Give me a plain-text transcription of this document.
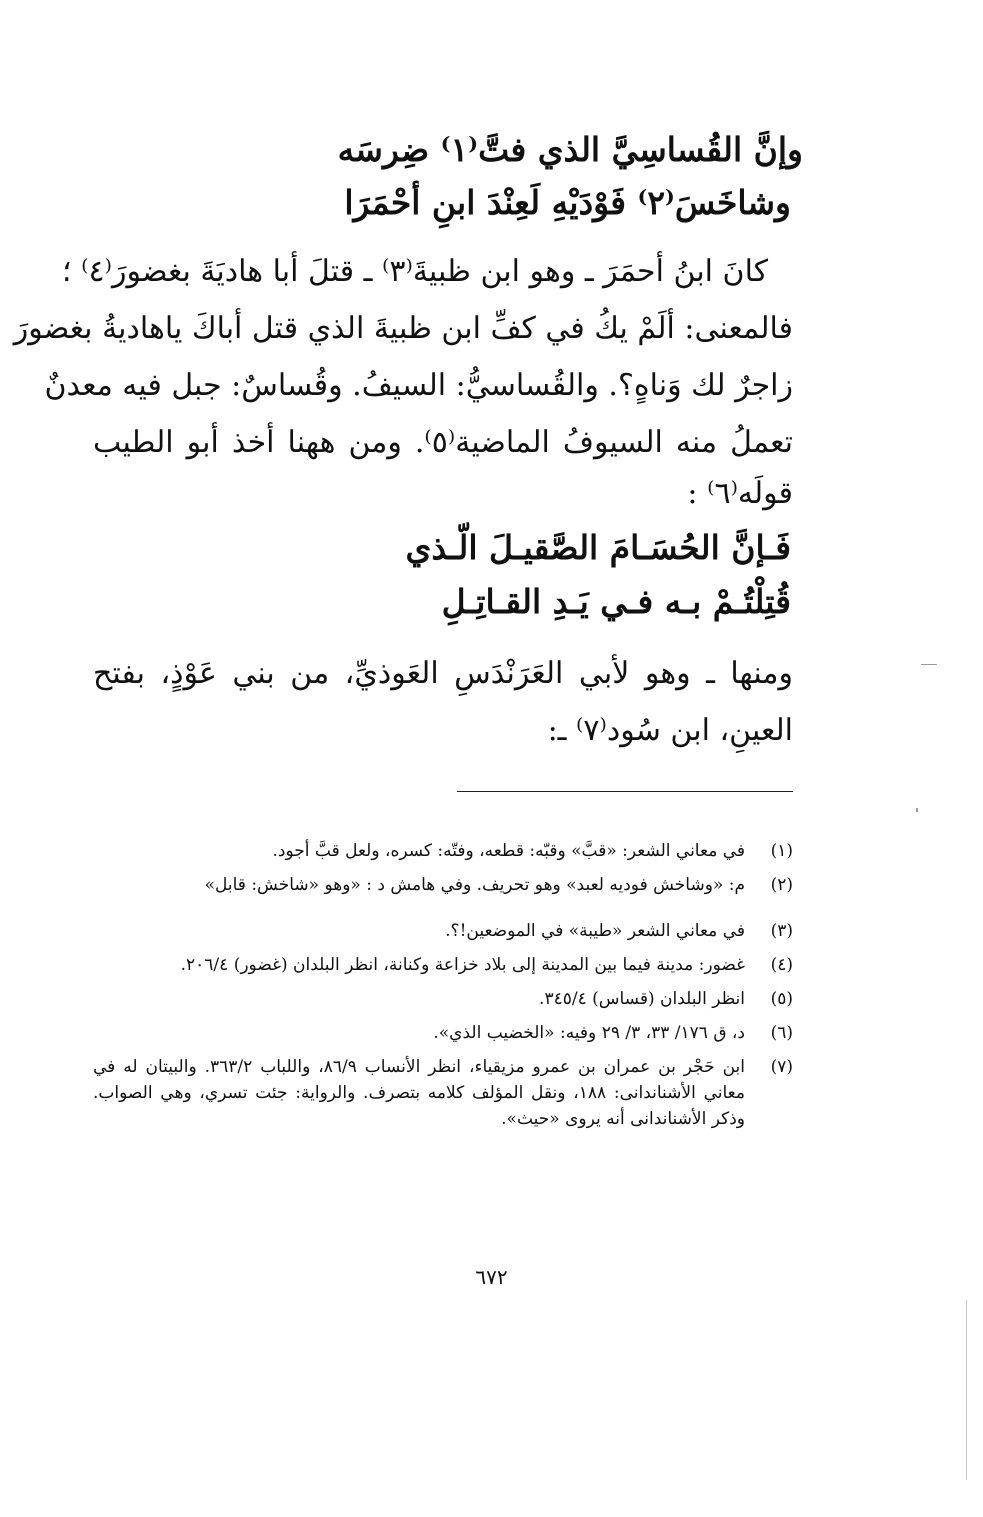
وإنَّ القُساسِيَّ الذي فتَّ⁽١⁾ ضِرسَه
وشاخَسَ⁽٢⁾ فَوْدَيْهِ لَعِنْدَ ابنِ أحْمَرَا
كانَ ابنُ أحمَرَ ـ وهو ابن ظبيةَ⁽٣⁾ ـ قتلَ أبا هاديَةَ بغضورَ⁽٤⁾ ؛
فالمعنى: ألَمْ يكُ في كفِّ ابن ظبيةَ الذي قتل أباكَ ياهاديةُ بغضورَ
زاجرٌ لك وَناهٍ؟. والقُساسيُّ: السيفُ. وقُساسٌ: جبل فيه معدنٌ
تعملُ منه السيوفُ الماضية⁽٥⁾. ومن ههنا أخذ أبو الطيب
قولَه⁽٦⁾ :
فَـإنَّ الحُسَـامَ الصَّقيـلَ الّـذي
قُتِلْتُـمْ بـه فـي يَـدِ القـاتِـلِ
ومنها ـ وهو لأبي العَرَنْدَسِ العَوذيِّ، من بني عَوْذٍ، بفتح
العينِ، ابن سُود⁽٧⁾ ـ:
(١)
في معاني الشعر: «قبَّ» وقبّه: قطعه، وفتّه: كسره، ولعل قبَّ أجود.
(٢)
م: «وشاخش فوديه لعبد» وهو تحريف. وفي هامش د : «وهو «شاخش: قابل»
(٣)
في معاني الشعر «طيبة» في الموضعين!؟.
(٤)
غضور: مدينة فيما بين المدينة إلى بلاد خزاعة وكنانة، انظر البلدان (غضور) ٢٠٦/٤.
(٥)
انظر البلدان (قساس) ٣٤٥/٤.
(٦)
د، ق ١٧٦/ ٣٣، ٣/ ٢٩ وفيه: «الخضيب الذي».
(٧)
ابن حَجْر بن عمران بن عمرو مزيقياء، انظر الأنساب ٨٦/٩، واللباب ٣٦٣/٢. والبيتان له في معاني الأشناندانى: ١٨٨، ونقل المؤلف كلامه بتصرف. والرواية: جئت تسري، وهي الصواب. وذكر الأشناندانى أنه يروى «حيث».
٦٧٢
